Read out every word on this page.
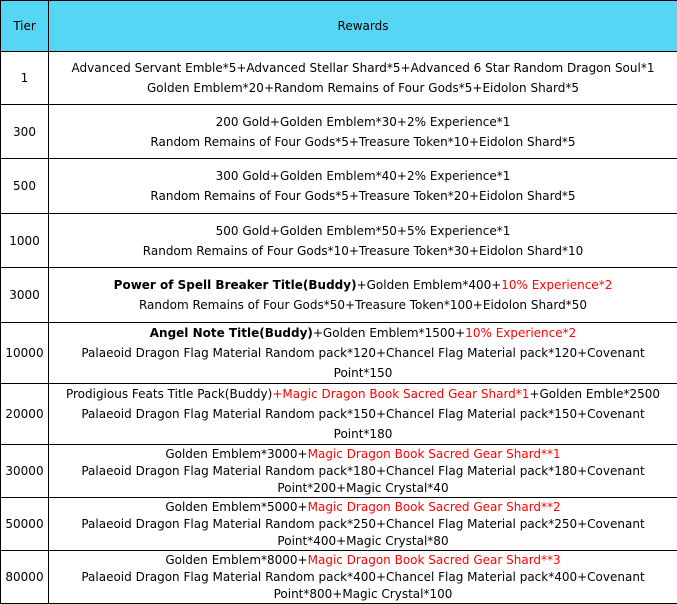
Tier	Rewards
1	Advanced Servant Emble*5+Advanced Stellar Shard*5+Advanced 6 Star Random Dragon Soul*1
Golden Emblem*20+Random Remains of Four Gods*5+Eidolon Shard*5

300	200 Gold+Golden Emblem*30+2% Experience*1
Random Remains of Four Gods*5+Treasure Token*10+Eidolon Shard*5

500	300 Gold+Golden Emblem*40+2% Experience*1
Random Remains of Four Gods*5+Treasure Token*20+Eidolon Shard*5

1000	500 Gold+Golden Emblem*50+5% Experience*1
Random Remains of Four Gods*10+Treasure Token*30+Eidolon Shard*10

3000	Power of Spell Breaker Title(Buddy)+Golden Emblem*400+10% Experience*2
Random Remains of Four Gods*50+Treasure Token*100+Eidolon Shard*50

10000	Angel Note Title(Buddy)+Golden Emblem*1500+10% Experience*2
Palaeoid Dragon Flag Material Random pack*120+Chancel Flag Material pack*120+Covenant Point*150

20000	Prodigious Feats Title Pack(Buddy)+Magic Dragon Book Sacred Gear Shard*1+Golden Emble*2500
Palaeoid Dragon Flag Material Random pack*150+Chancel Flag Material pack*150+Covenant Point*180

30000	Golden Emblem*3000+Magic Dragon Book Sacred Gear Shard**1
Palaeoid Dragon Flag Material Random pack*180+Chancel Flag Material pack*180+Covenant
Point*200+Magic Crystal*40

50000	Golden Emblem*5000+Magic Dragon Book Sacred Gear Shard**2
Palaeoid Dragon Flag Material Random pack*250+Chancel Flag Material pack*250+Covenant
Point*400+Magic Crystal*80

80000	Golden Emblem*8000+Magic Dragon Book Sacred Gear Shard**3
Palaeoid Dragon Flag Material Random pack*400+Chancel Flag Material pack*400+Covenant
Point*800+Magic Crystal*100
